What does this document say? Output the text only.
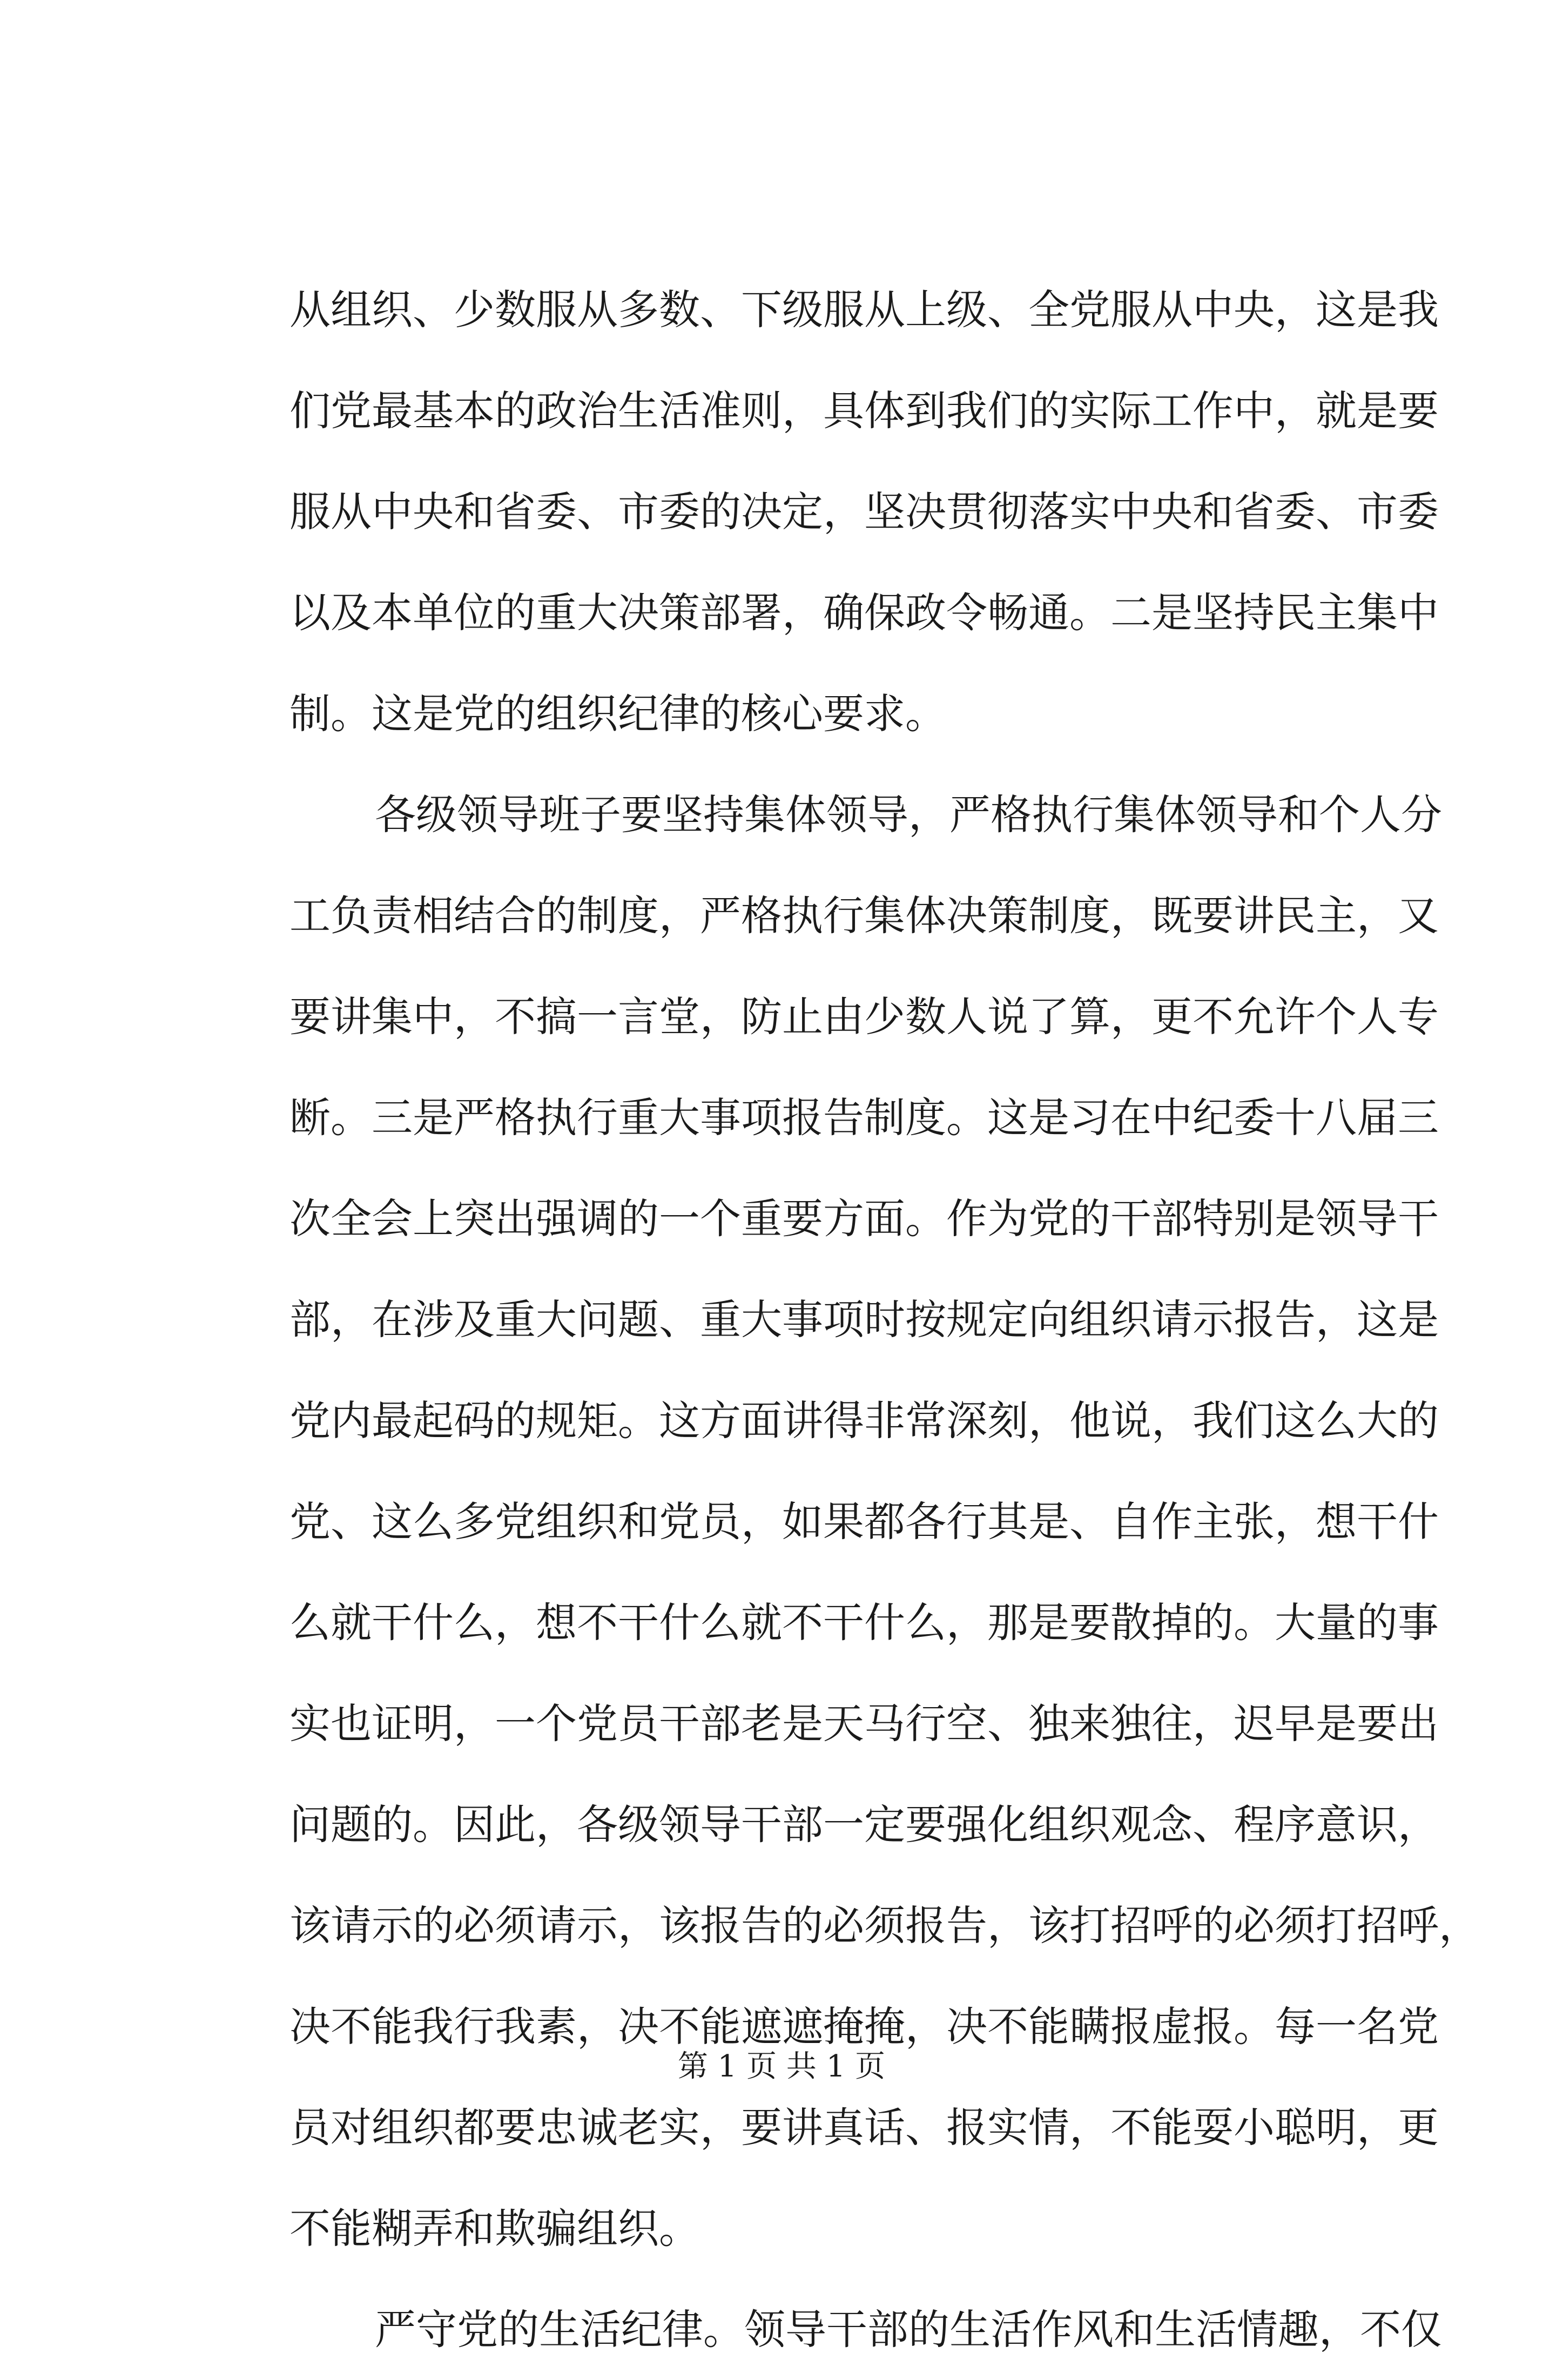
从组织、少数服从多数、下级服从上级、全党服从中央，这是我
们党最基本的政治生活准则，具体到我们的实际工作中，就是要
服从中央和省委、市委的决定，坚决贯彻落实中央和省委、市委
以及本单位的重大决策部署，确保政令畅通。二是坚持民主集中
制。这是党的组织纪律的核心要求。
各级领导班子要坚持集体领导，严格执行集体领导和个人分
工负责相结合的制度，严格执行集体决策制度，既要讲民主，又
要讲集中，不搞一言堂，防止由少数人说了算，更不允许个人专
断。三是严格执行重大事项报告制度。这是习在中纪委十八届三
次全会上突出强调的一个重要方面。作为党的干部特别是领导干
部，在涉及重大问题、重大事项时按规定向组织请示报告，这是
党内最起码的规矩。这方面讲得非常深刻，他说，我们这么大的
党、这么多党组织和党员，如果都各行其是、自作主张，想干什
么就干什么，想不干什么就不干什么，那是要散掉的。大量的事
实也证明，一个党员干部老是天马行空、独来独往，迟早是要出
问题的。因此，各级领导干部一定要强化组织观念、程序意识，
该请示的必须请示，该报告的必须报告，该打招呼的必须打招呼，
决不能我行我素，决不能遮遮掩掩，决不能瞒报虚报。每一名党
员对组织都要忠诚老实，要讲真话、报实情，不能耍小聪明，更
不能糊弄和欺骗组织。
严守党的生活纪律。领导干部的生活作风和生活情趣，不仅
第 1 页 共 1 页
